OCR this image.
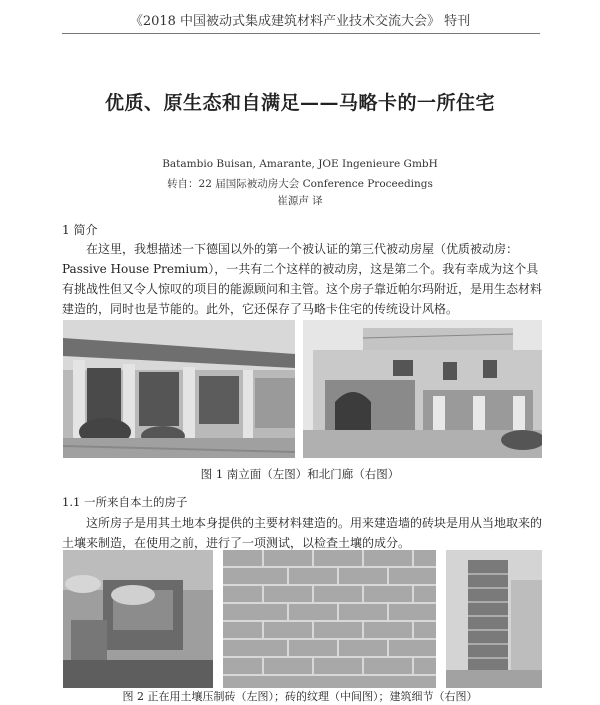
《2018 中国被动式集成建筑材料产业技术交流大会》 特刊
优质、原生态和自满足——马略卡的一所住宅
Batambio Buisan, Amarante, JOE Ingenieure GmbH
转自：22 届国际被动房大会 Conference Proceedings
崔源声 译
1 简介

在这里，我想描述一下德国以外的第一个被认证的第三代被动房屋（优质被动房：Passive House Premium），一共有二个这样的被动房，这是第二个。我有幸成为这个具有挑战性但又令人惊叹的项目的能源顾问和主管。这个房子靠近帕尔玛附近，是用生态材料建造的，同时也是节能的。此外，它还保存了马略卡住宅的传统设计风格。

图 1 南立面（左图）和北门廊（右图）
1.1 一所来自本土的房子

这所房子是用其土地本身提供的主要材料建造的。用来建造墙的砖块是用从当地取来的土壤来制造，在使用之前，进行了一项测试，以检查土壤的成分。

图 2 正在用土壤压制砖（左图）；砖的纹理（中间图）；建筑细节（右图）
